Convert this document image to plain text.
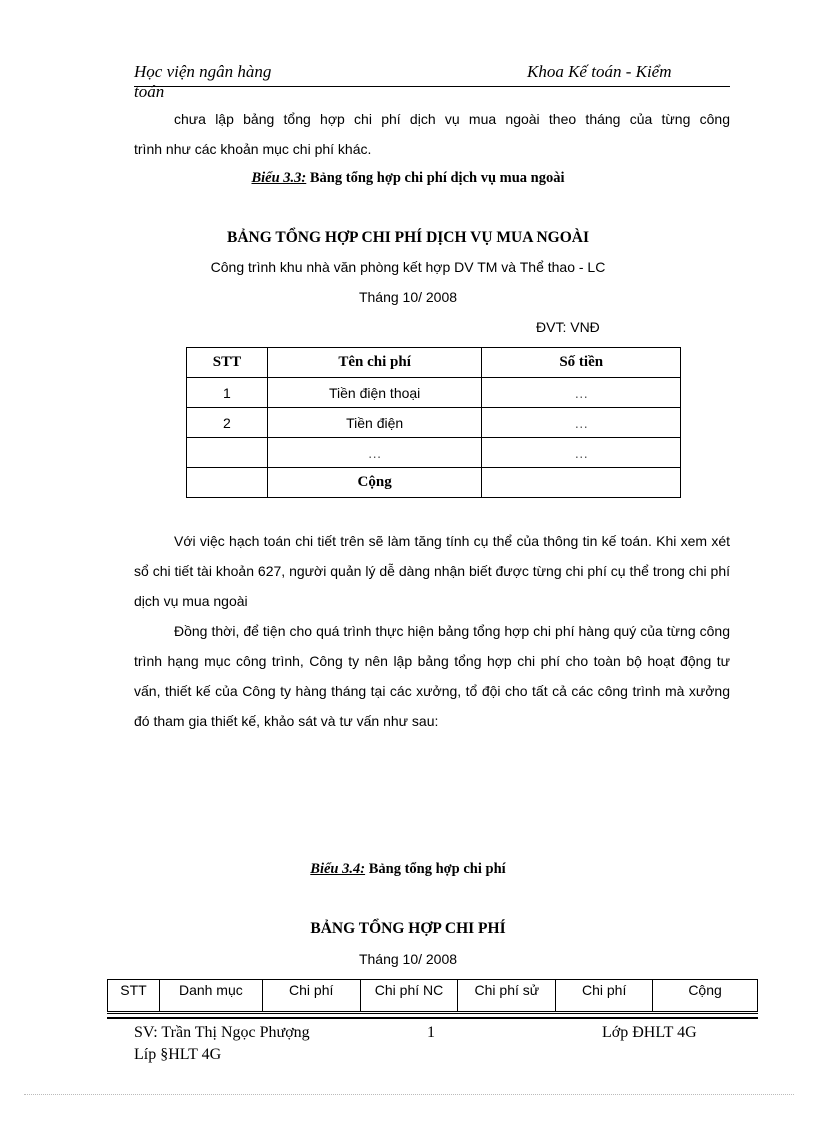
Học viện ngân hàng	Khoa Kế toán - Kiểm
toán

chưa lập bảng tổng hợp chi phí dịch vụ mua ngoài theo tháng của từng công

trình như các khoản mục chi phí khác.

Biểu 3.3: Bảng tổng hợp chi phí dịch vụ mua ngoài
BẢNG TỔNG HỢP CHI PHÍ DỊCH VỤ MUA NGOÀI
Công trình khu nhà văn phòng kết hợp DV TM và Thể thao - LC
Tháng 10/ 2008
ĐVT: VNĐ
STT	Tên chi phí	Số tiền
1	Tiền điện thoại	…
2	Tiền điện	…
	…	…
	Cộng	

Với việc hạch toán chi tiết trên sẽ làm tăng tính cụ thể của thông tin kế toán. Khi xem xét sổ chi tiết tài khoản 627, người quản lý dễ dàng nhận biết được từng chi phí cụ thể trong chi phí dịch vụ mua ngoài

Đồng thời, để tiện cho quá trình thực hiện bảng tổng hợp chi phí hàng quý của từng công trình hạng mục công trình, Công ty nên lập bảng tổng hợp chi phí cho toàn bộ hoạt động tư vấn, thiết kế của Công ty hàng tháng tại các xưởng, tổ đội cho tất cả các công trình mà xưởng đó tham gia thiết kế, khảo sát và tư vấn như sau:

Biểu 3.4: Bảng tổng hợp chi phí
BẢNG TỔNG HỢP CHI PHÍ
Tháng 10/ 2008
STT	Danh mục	Chi phí	Chi phí NC	Chi phí sử	Chi phí	Cộng
SV: Trần Thị Ngọc Phượng	1	Lớp ĐHLT 4G
Líp §HLT 4G
